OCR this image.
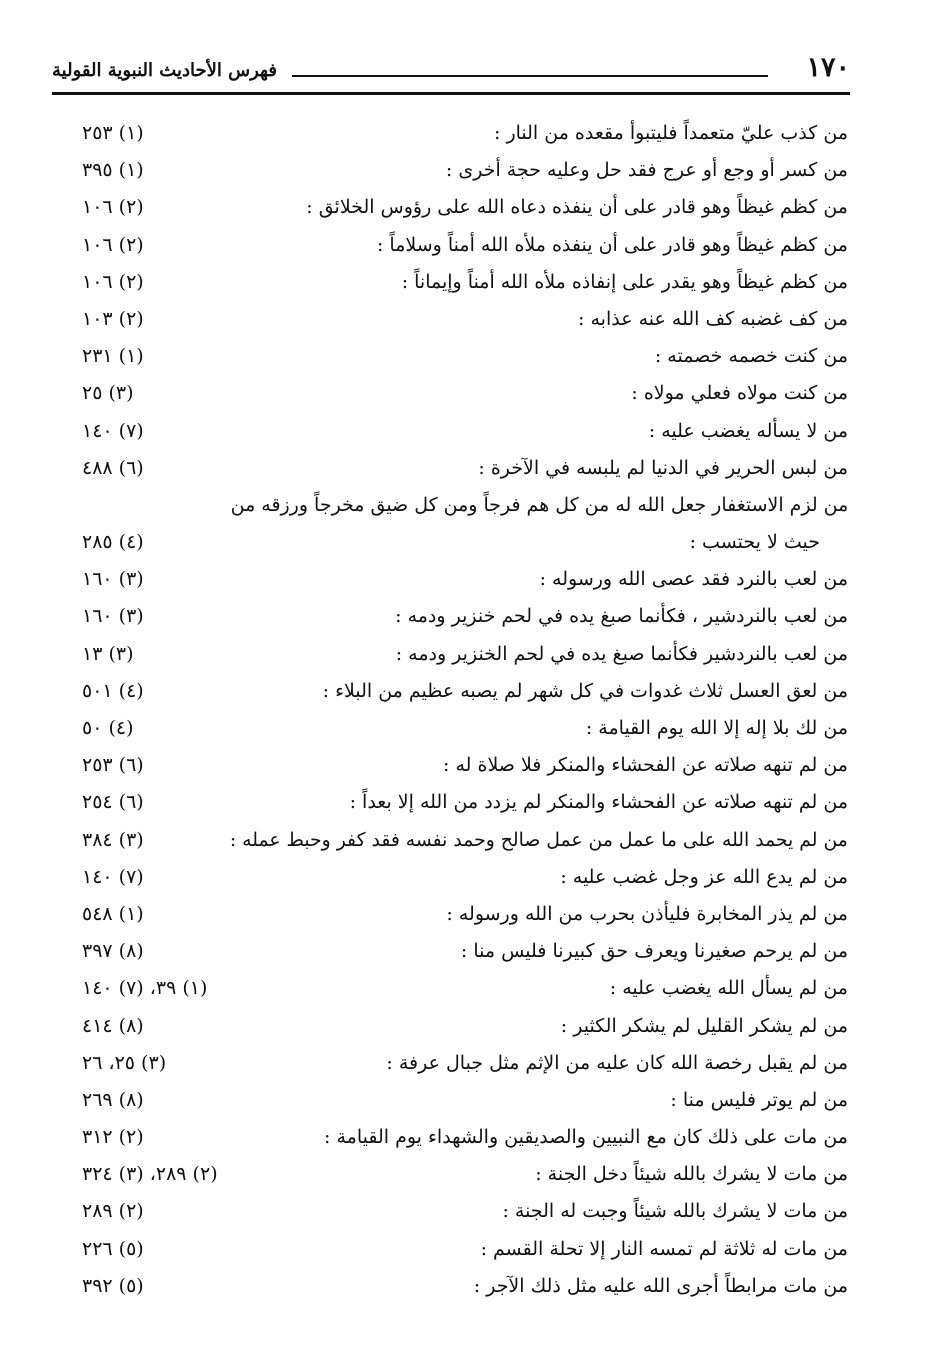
١٧٠
فهرس الأحاديث النبوية القولية
من كذب عليّ متعمداً فليتبوأ مقعده من النار :
(١) ٢٥٣
من كسر أو وجع أو عرج فقد حل وعليه حجة أخرى :
(١) ٣٩٥
من كظم غيظاً وهو قادر على أن ينفذه دعاه الله على رؤوس الخلائق :
(٢) ١٠٦
من كظم غيظاً وهو قادر على أن ينفذه ملأه الله أمناً وسلاماً :
(٢) ١٠٦
من كظم غيظاً وهو يقدر على إنفاذه ملأه الله أمناً وإيماناً :
(٢) ١٠٦
من كف غضبه كف الله عنه عذابه :
(٢) ١٠٣
من كنت خصمه خصمته :
(١) ٢٣١
من كنت مولاه فعلي مولاه :
(٣) ٢٥
من لا يسأله يغضب عليه :
(٧) ١٤٠
من لبس الحرير في الدنيا لم يلبسه في الآخرة :
(٦) ٤٨٨
من لزم الاستغفار جعل الله له من كل هم فرجاً ومن كل ضيق مخرجاً ورزقه من
حيث لا يحتسب :
(٤) ٢٨٥
من لعب بالنرد فقد عصى الله ورسوله :
(٣) ١٦٠
من لعب بالنردشير ، فكأنما صبغ يده في لحم خنزير ودمه :
(٣) ١٦٠
من لعب بالنردشير فكأنما صبغ يده في لحم الخنزير ودمه :
(٣) ١٣
من لعق العسل ثلاث غدوات في كل شهر لم يصبه عظيم من البلاء :
(٤) ٥٠١
من لك بلا إله إلا الله يوم القيامة :
(٤) ٥٠
من لم تنهه صلاته عن الفحشاء والمنكر فلا صلاة له :
(٦) ٢٥٣
من لم تنهه صلاته عن الفحشاء والمنكر لم يزدد من الله إلا بعداً :
(٦) ٢٥٤
من لم يحمد الله على ما عمل من عمل صالح وحمد نفسه فقد كفر وحبط عمله :
(٣) ٣٨٤
من لم يدع الله عز وجل غضب عليه :
(٧) ١٤٠
من لم يذر المخابرة فليأذن بحرب من الله ورسوله :
(١) ٥٤٨
من لم يرحم صغيرنا ويعرف حق كبيرنا فليس منا :
(٨) ٣٩٧
من لم يسأل الله يغضب عليه :
(١) ٣٩، (٧) ١٤٠
من لم يشكر القليل لم يشكر الكثير :
(٨) ٤١٤
من لم يقبل رخصة الله كان عليه من الإثم مثل جبال عرفة :
(٣) ٢٥، ٢٦
من لم يوتر فليس منا :
(٨) ٢٦٩
من مات على ذلك كان مع النبيين والصديقين والشهداء يوم القيامة :
(٢) ٣١٢
من مات لا يشرك بالله شيئاً دخل الجنة :
(٢) ٢٨٩، (٣) ٣٢٤
من مات لا يشرك بالله شيئاً وجبت له الجنة :
(٢) ٢٨٩
من مات له ثلاثة لم تمسه النار إلا تحلة القسم :
(٥) ٢٢٦
من مات مرابطاً أجرى الله عليه مثل ذلك الآجر :
(٥) ٣٩٢
